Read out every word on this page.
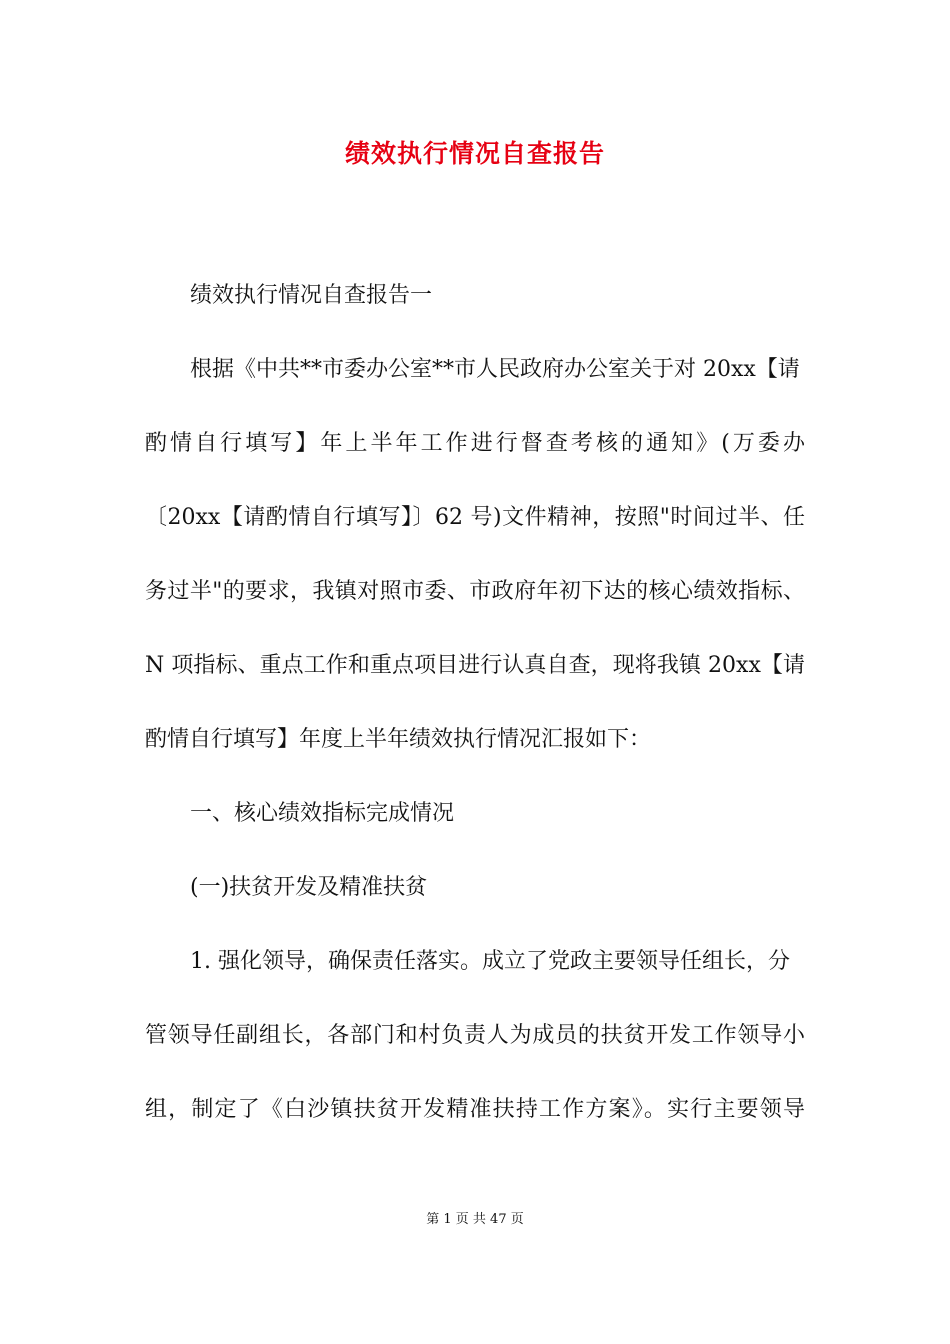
绩效执行情况自查报告
绩效执行情况自查报告一
根据《中共**市委办公室**市人民政府办公室关于对 20xx【请
酌情自行填写】年上半年工作进行督查考核的通知》(万委办
〔20xx【请酌情自行填写】〕62 号)文件精神，按照"时间过半、任
务过半"的要求，我镇对照市委、市政府年初下达的核心绩效指标、
N 项指标、重点工作和重点项目进行认真自查，现将我镇 20xx【请
酌情自行填写】年度上半年绩效执行情况汇报如下：
一、核心绩效指标完成情况
(一)扶贫开发及精准扶贫
1. 强化领导，确保责任落实。成立了党政主要领导任组长，分
管领导任副组长，各部门和村负责人为成员的扶贫开发工作领导小
组，制定了《白沙镇扶贫开发精准扶持工作方案》。实行主要领导
第 1 页 共 47 页
